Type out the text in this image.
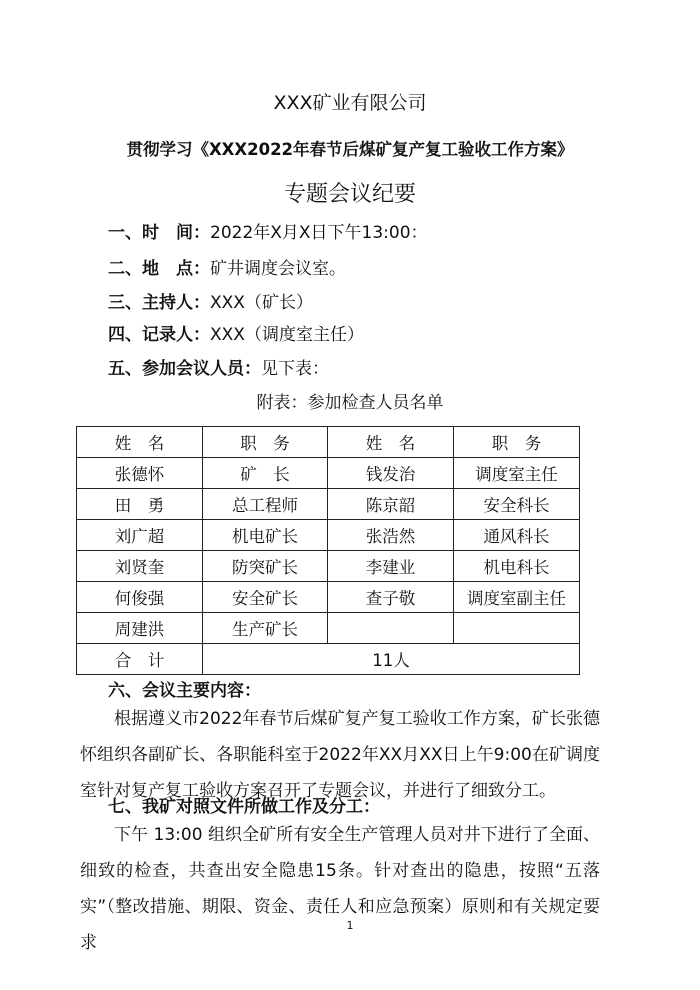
XXX矿业有限公司
贯彻学习《XXX2022年春节后煤矿复产复工验收工作方案》
专题会议纪要
一、时　间：2022年X月X日下午13:00：
二、地　点：矿井调度会议室。
三、主持人：XXX（矿长）
四、记录人：XXX（调度室主任）
五、参加会议人员：见下表：
附表：参加检查人员名单
姓　名	职　务	姓　名	职　务
张德怀	矿　长	钱发治	调度室主任
田　勇	总工程师	陈京韶	安全科长
刘广超	机电矿长	张浩然	通风科长
刘贤奎	防突矿长	李建业	机电科长
何俊强	安全矿长	查子敬	调度室副主任
周建洪	生产矿长		
合　计	11人		
六、会议主要内容：
根据遵义市2022年春节后煤矿复产复工验收工作方案，矿长张德怀组织各副矿长、各职能科室于2022年XX月XX日上午9:00在矿调度室针对复产复工验收方案召开了专题会议，并进行了细致分工。
七、我矿对照文件所做工作及分工：
下午 13:00 组织全矿所有安全生产管理人员对井下进行了全面、细致的检查，共查出安全隐患15条。针对查出的隐患，按照“五落实”（整改措施、期限、资金、责任人和应急预案）原则和有关规定要求
1
